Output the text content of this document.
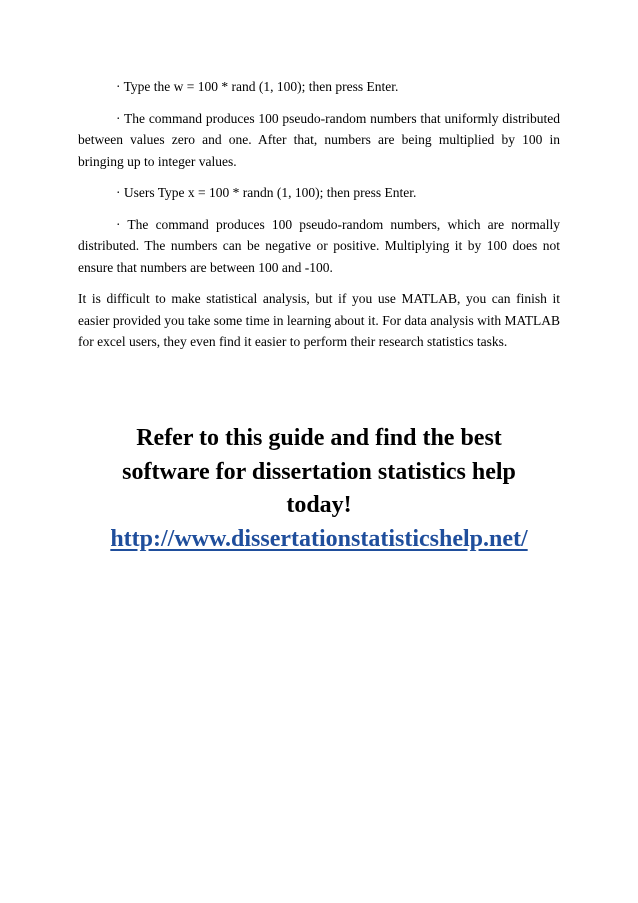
· Type the w = 100 * rand (1, 100); then press Enter.

· The command produces 100 pseudo-random numbers that uniformly distributed between values zero and one. After that, numbers are being multiplied by 100 in bringing up to integer values.

· Users Type x = 100 * randn (1, 100); then press Enter.

· The command produces 100 pseudo-random numbers, which are normally distributed. The numbers can be negative or positive. Multiplying it by 100 does not ensure that numbers are between 100 and -100.

It is difficult to make statistical analysis, but if you use MATLAB, you can finish it easier provided you take some time in learning about it. For data analysis with MATLAB for excel users, they even find it easier to perform their research statistics tasks.

Refer to this guide and find the best
software for dissertation statistics help
today!
http://www.dissertationstatisticshelp.net/
